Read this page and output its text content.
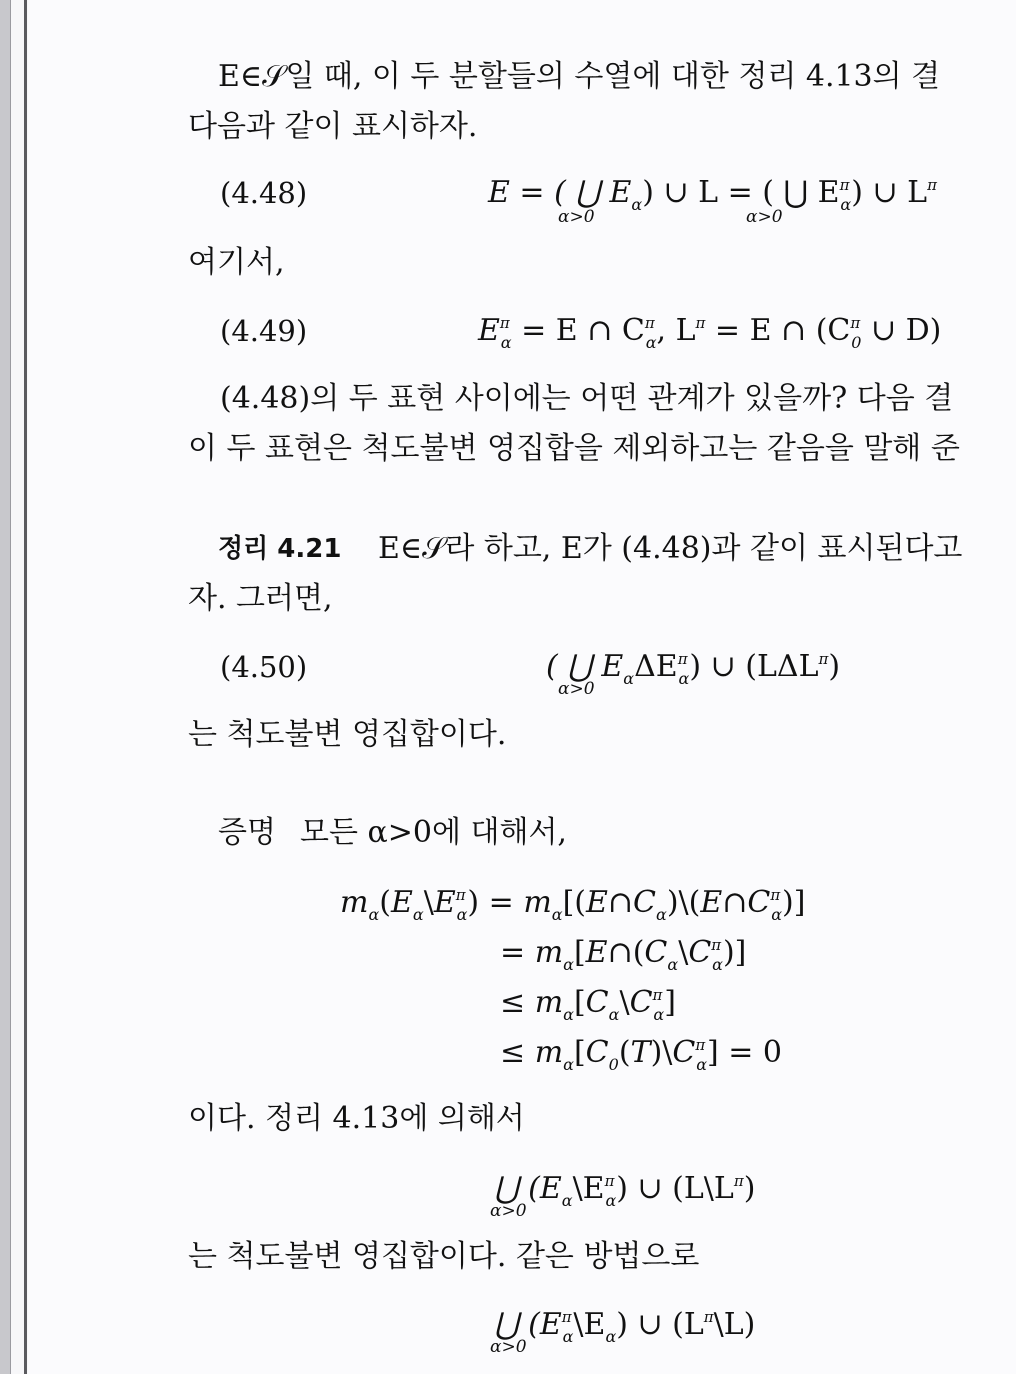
E∈𝒮일 때, 이 두 분할들의 수열에 대한 정리 4.13의 결
다음과 같이 표시하자.
(4.48)	E = ( ⋃ $E_\alpha$) ∪ L = ( ⋃ $E^\pi_\alpha$) ∪ $L^\pi$
α>0	α>0
여기서,
(4.49)	$E^\pi_\alpha = E$ ∩ $C^\pi_\alpha$, $L^\pi = E$ ∩ ($C^\pi_0$ ∪ D)
(4.48)의 두 표현 사이에는 어떤 관계가 있을까? 다음 결
이 두 표현은 척도불변 영집합을 제외하고는 같음을 말해 준
정리 4.21 E∈𝒮라 하고, E가 (4.48)과 같이 표시된다고
자. 그러면,
(4.50)	( ⋃ $E_\alpha\Delta E^\pi_\alpha$) ∪ $(L\Delta L^\pi)$
α>0
는 척도불변 영집합이다.
증명 모든 α>0에 대해서,
$m_\alpha(E_\alpha\backslash E^\pi_\alpha)$ = $m_\alpha[(E\cap C_\alpha)\backslash(E\cap C^\pi_\alpha)]$
= $m_\alpha[E\cap(C_\alpha\backslash C^\pi_\alpha)]$
≤ $m_\alpha[C_\alpha\backslash C^\pi_\alpha]$
≤ $m_\alpha[C_0(T)\backslash C^\pi_\alpha] = 0$
이다. 정리 4.13에 의해서
⋃ $(E_\alpha\backslash E^\pi_\alpha)$ ∪ $(L\backslash L^\pi)$
α>0
는 척도불변 영집합이다. 같은 방법으로
⋃ $(E^\pi_\alpha\backslash E_\alpha)$ ∪ $(L^\pi\backslash L)$
α>0
